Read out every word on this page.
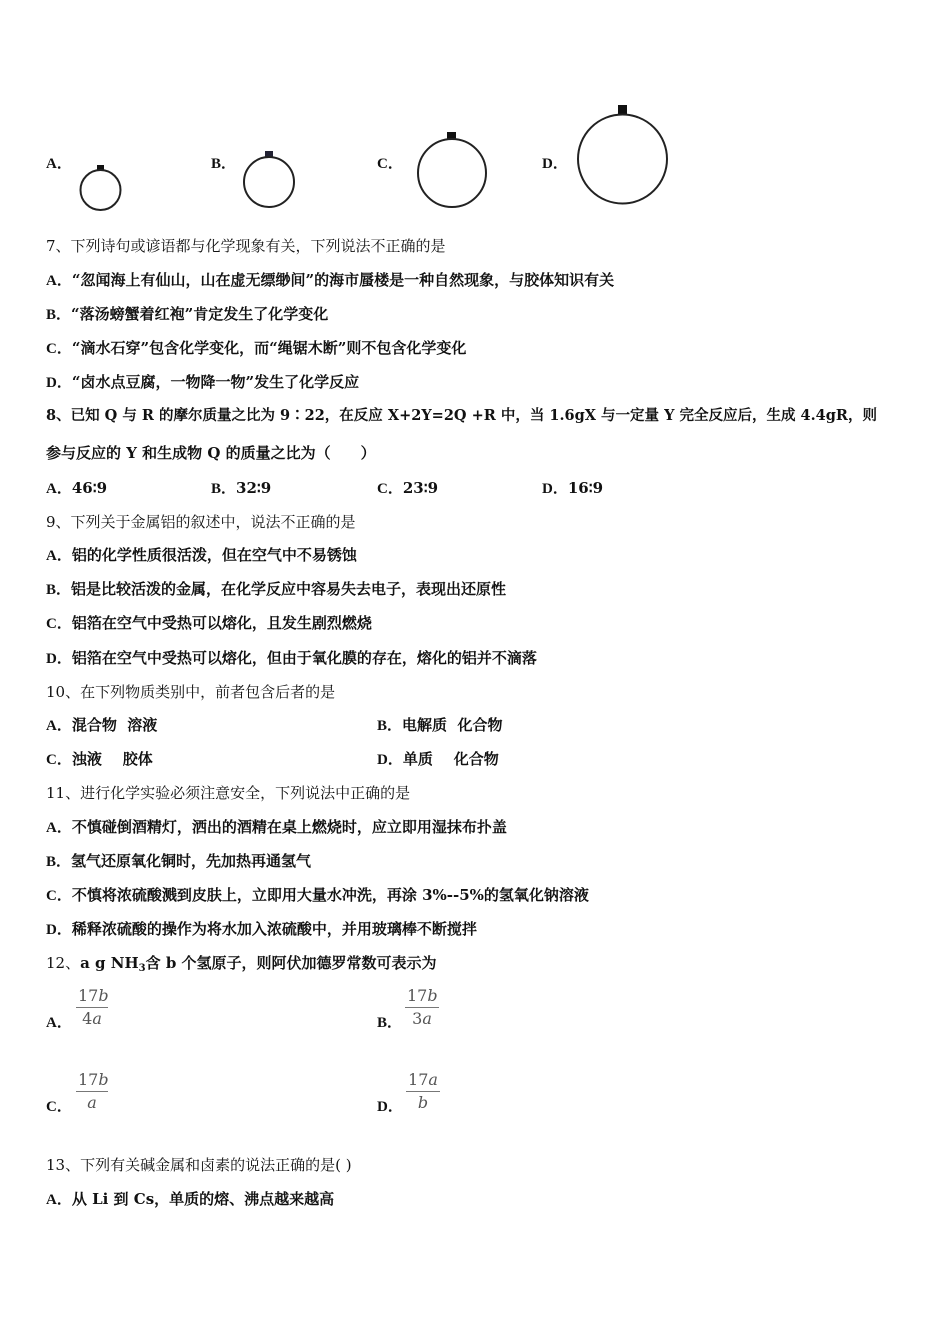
A．	B．	C．	D．
7、下列诗句或谚语都与化学现象有关，下列说法不正确的是
A．“忽闻海上有仙山，山在虚无缥缈间”的海市蜃楼是一种自然现象，与胶体知识有关
B．“落汤螃蟹着红袍”肯定发生了化学变化
C．“滴水石穿”包含化学变化，而“绳锯木断”则不包含化学变化
D．“卤水点豆腐，一物降一物”发生了化学反应
8、已知 Q 与 R 的摩尔质量之比为 9∶22，在反应 X+2Y=2Q +R 中，当 1.6gX 与一定量 Y 完全反应后，生成 4.4gR，则
参与反应的 Y 和生成物 Q 的质量之比为（　　）
A．46∶9	B．32∶9	C．23∶9	D．16∶9
9、下列关于金属铝的叙述中，说法不正确的是
A．铝的化学性质很活泼，但在空气中不易锈蚀
B．铝是比较活泼的金属，在化学反应中容易失去电子，表现出还原性
C．铝箔在空气中受热可以熔化，且发生剧烈燃烧
D．铝箔在空气中受热可以熔化，但由于氧化膜的存在，熔化的铝并不滴落
10、在下列物质类别中，前者包含后者的是
A．混合物  溶液	B．电解质  化合物
C．浊液    胶体	D．单质    化合物
11、进行化学实验必须注意安全，下列说法中正确的是
A．不慎碰倒酒精灯，洒出的酒精在桌上燃烧时，应立即用湿抹布扑盖
B．氢气还原氧化铜时，先加热再通氢气
C．不慎将浓硫酸溅到皮肤上，立即用大量水冲洗，再涂 3%--5%的氢氧化钠溶液
D．稀释浓硫酸的操作为将水加入浓硫酸中，并用玻璃棒不断搅拌
12、a g $NH_3$含 b 个氢原子，则阿伏加德罗常数可表示为
A．
17b
4a	B．
17b
3a
C．
17b
a	D．
17a
b
13、下列有关碱金属和卤素的说法正确的是( )
A．从 Li 到 Cs，单质的熔、沸点越来越高
